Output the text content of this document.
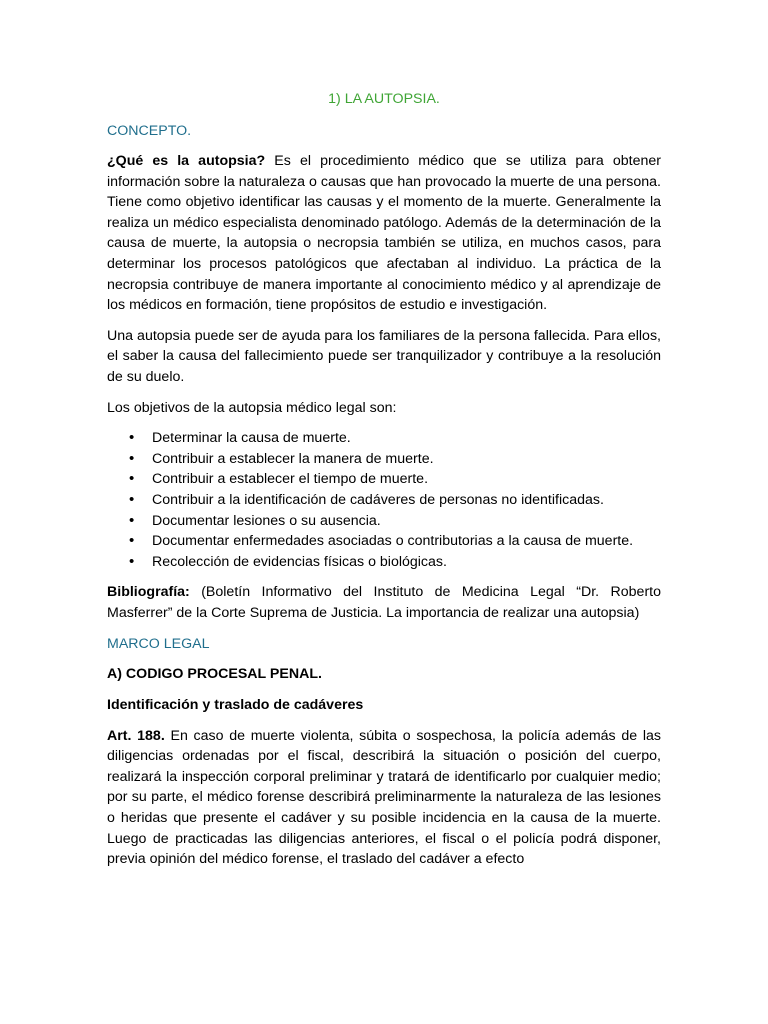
1) LA AUTOPSIA.
CONCEPTO.

¿Qué es la autopsia? Es el procedimiento médico que se utiliza para obtener información sobre la naturaleza o causas que han provocado la muerte de una persona. Tiene como objetivo identificar las causas y el momento de la muerte. Generalmente la realiza un médico especialista denominado patólogo. Además de la determinación de la causa de muerte, la autopsia o necropsia también se utiliza, en muchos casos, para determinar los procesos patológicos que afectaban al individuo. La práctica de la necropsia contribuye de manera importante al conocimiento médico y al aprendizaje de los médicos en formación, tiene propósitos de estudio e investigación.

Una autopsia puede ser de ayuda para los familiares de la persona fallecida. Para ellos, el saber la causa del fallecimiento puede ser tranquilizador y contribuye a la resolución de su duelo.

Los objetivos de la autopsia médico legal son:

• Determinar la causa de muerte.
• Contribuir a establecer la manera de muerte.
• Contribuir a establecer el tiempo de muerte.
• Contribuir a la identificación de cadáveres de personas no identificadas.
• Documentar lesiones o su ausencia.
• Documentar enfermedades asociadas o contributorias a la causa de muerte.
• Recolección de evidencias físicas o biológicas.

Bibliografía: (Boletín Informativo del Instituto de Medicina Legal “Dr. Roberto Masferrer” de la Corte Suprema de Justicia. La importancia de realizar una autopsia)

MARCO LEGAL
A) CODIGO PROCESAL PENAL.
Identificación y traslado de cadáveres

Art. 188. En caso de muerte violenta, súbita o sospechosa, la policía además de las diligencias ordenadas por el fiscal, describirá la situación o posición del cuerpo, realizará la inspección corporal preliminar y tratará de identificarlo por cualquier medio; por su parte, el médico forense describirá preliminarmente la naturaleza de las lesiones o heridas que presente el cadáver y su posible incidencia en la causa de la muerte. Luego de practicadas las diligencias anteriores, el fiscal o el policía podrá disponer, previa opinión del médico forense, el traslado del cadáver a efecto
